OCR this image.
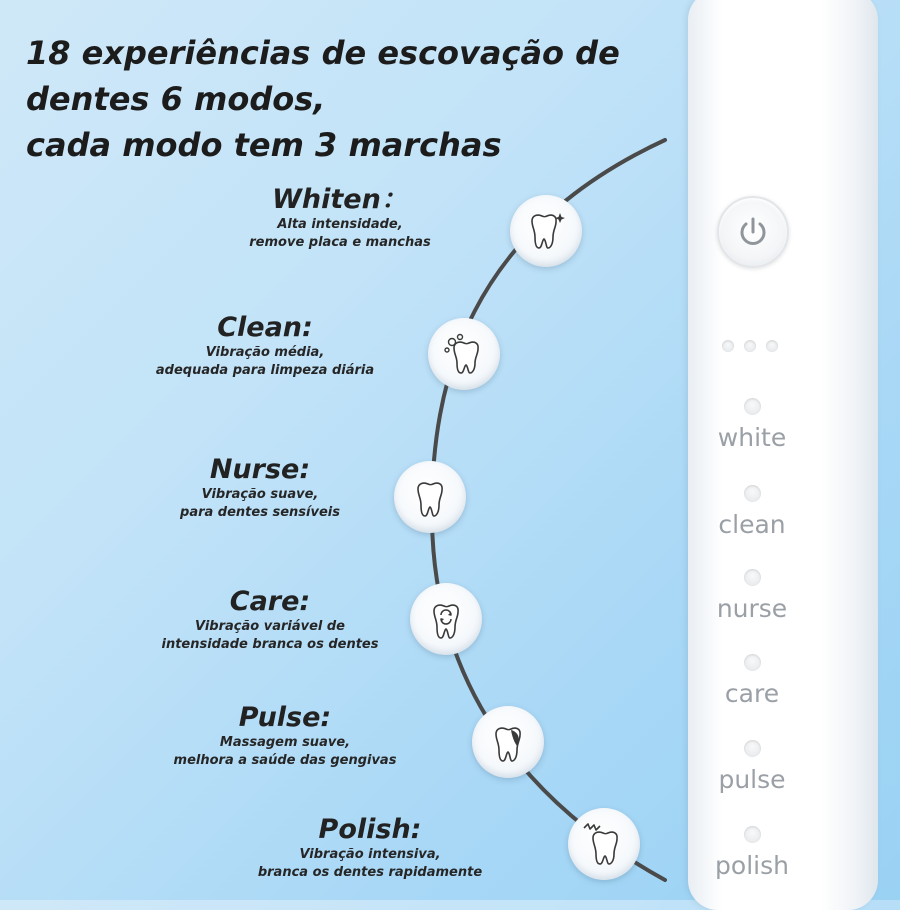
18 experiências de escovação de
dentes 6 modos,
cada modo tem 3 marchas
white
clean
nurse
care
pulse
polish
Whiten：
Alta intensidade,
remove placa e manchas
Clean:
Vibração média,
adequada para limpeza diária
Nurse:
Vibração suave,
para dentes sensíveis
Care:
Vibração variável de
intensidade branca os dentes
Pulse:
Massagem suave,
melhora a saúde das gengivas
Polish:
Vibração intensiva,
branca os dentes rapidamente
